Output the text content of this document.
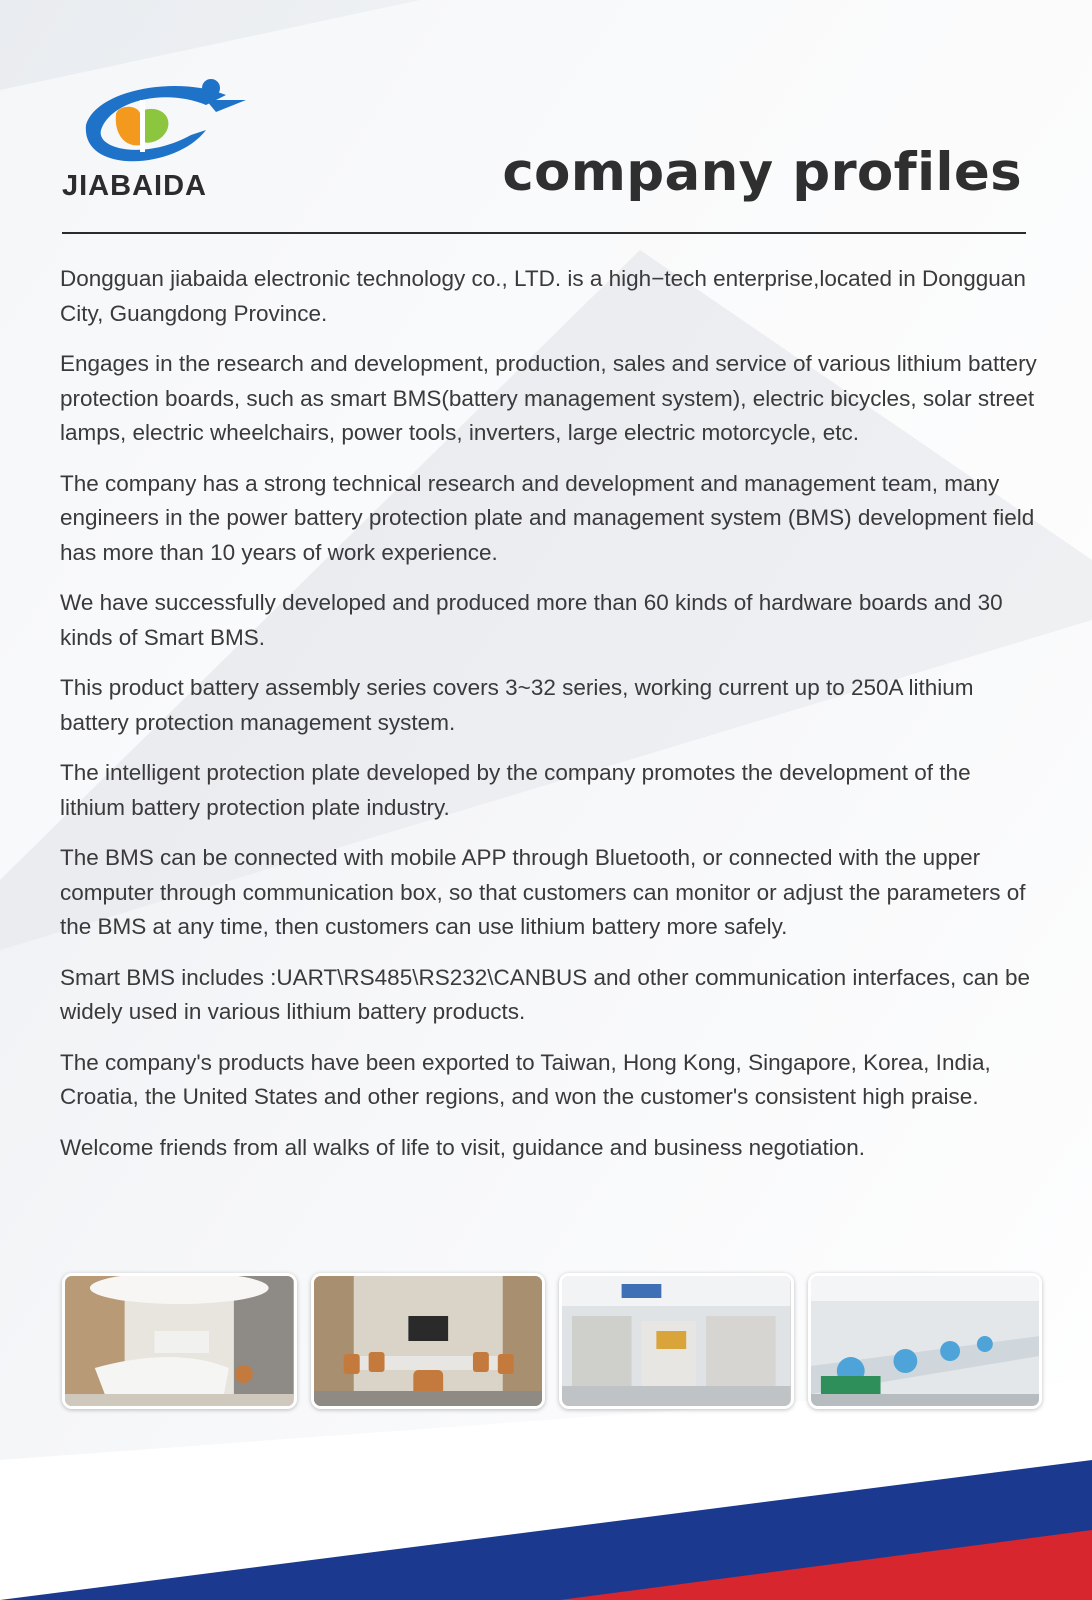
JIABAIDA	company profiles

Dongguan jiabaida electronic technology co., LTD. is a high−tech enterprise,located in Dongguan City, Guangdong Province.

Engages in the research and development, production, sales and service of various lithium battery protection boards, such as smart BMS(battery management system), electric bicycles, solar street lamps, electric wheelchairs, power tools, inverters, large electric motorcycle, etc.

The company has a strong technical research and development and management team, many engineers in the power battery protection plate and management system (BMS) development field has more than 10 years of work experience.

We have successfully developed and produced more than 60 kinds of hardware boards and 30 kinds of Smart BMS.

This product battery assembly series covers 3~32 series, working current up to 250A lithium battery protection management system.

The intelligent protection plate developed by the company promotes the development of the lithium battery protection plate industry.

The BMS can be connected with mobile APP through Bluetooth, or connected with the upper computer through communication box, so that customers can monitor or adjust the parameters of the BMS at any time, then customers can use lithium battery more safely.

Smart BMS includes :UART\RS485\RS232\CANBUS and other communication interfaces, can be widely used in various lithium battery products.

The company's products have been exported to Taiwan, Hong Kong, Singapore, Korea, India, Croatia, the United States and other regions, and won the customer's consistent high praise.

Welcome friends from all walks of life to visit, guidance and business negotiation.
